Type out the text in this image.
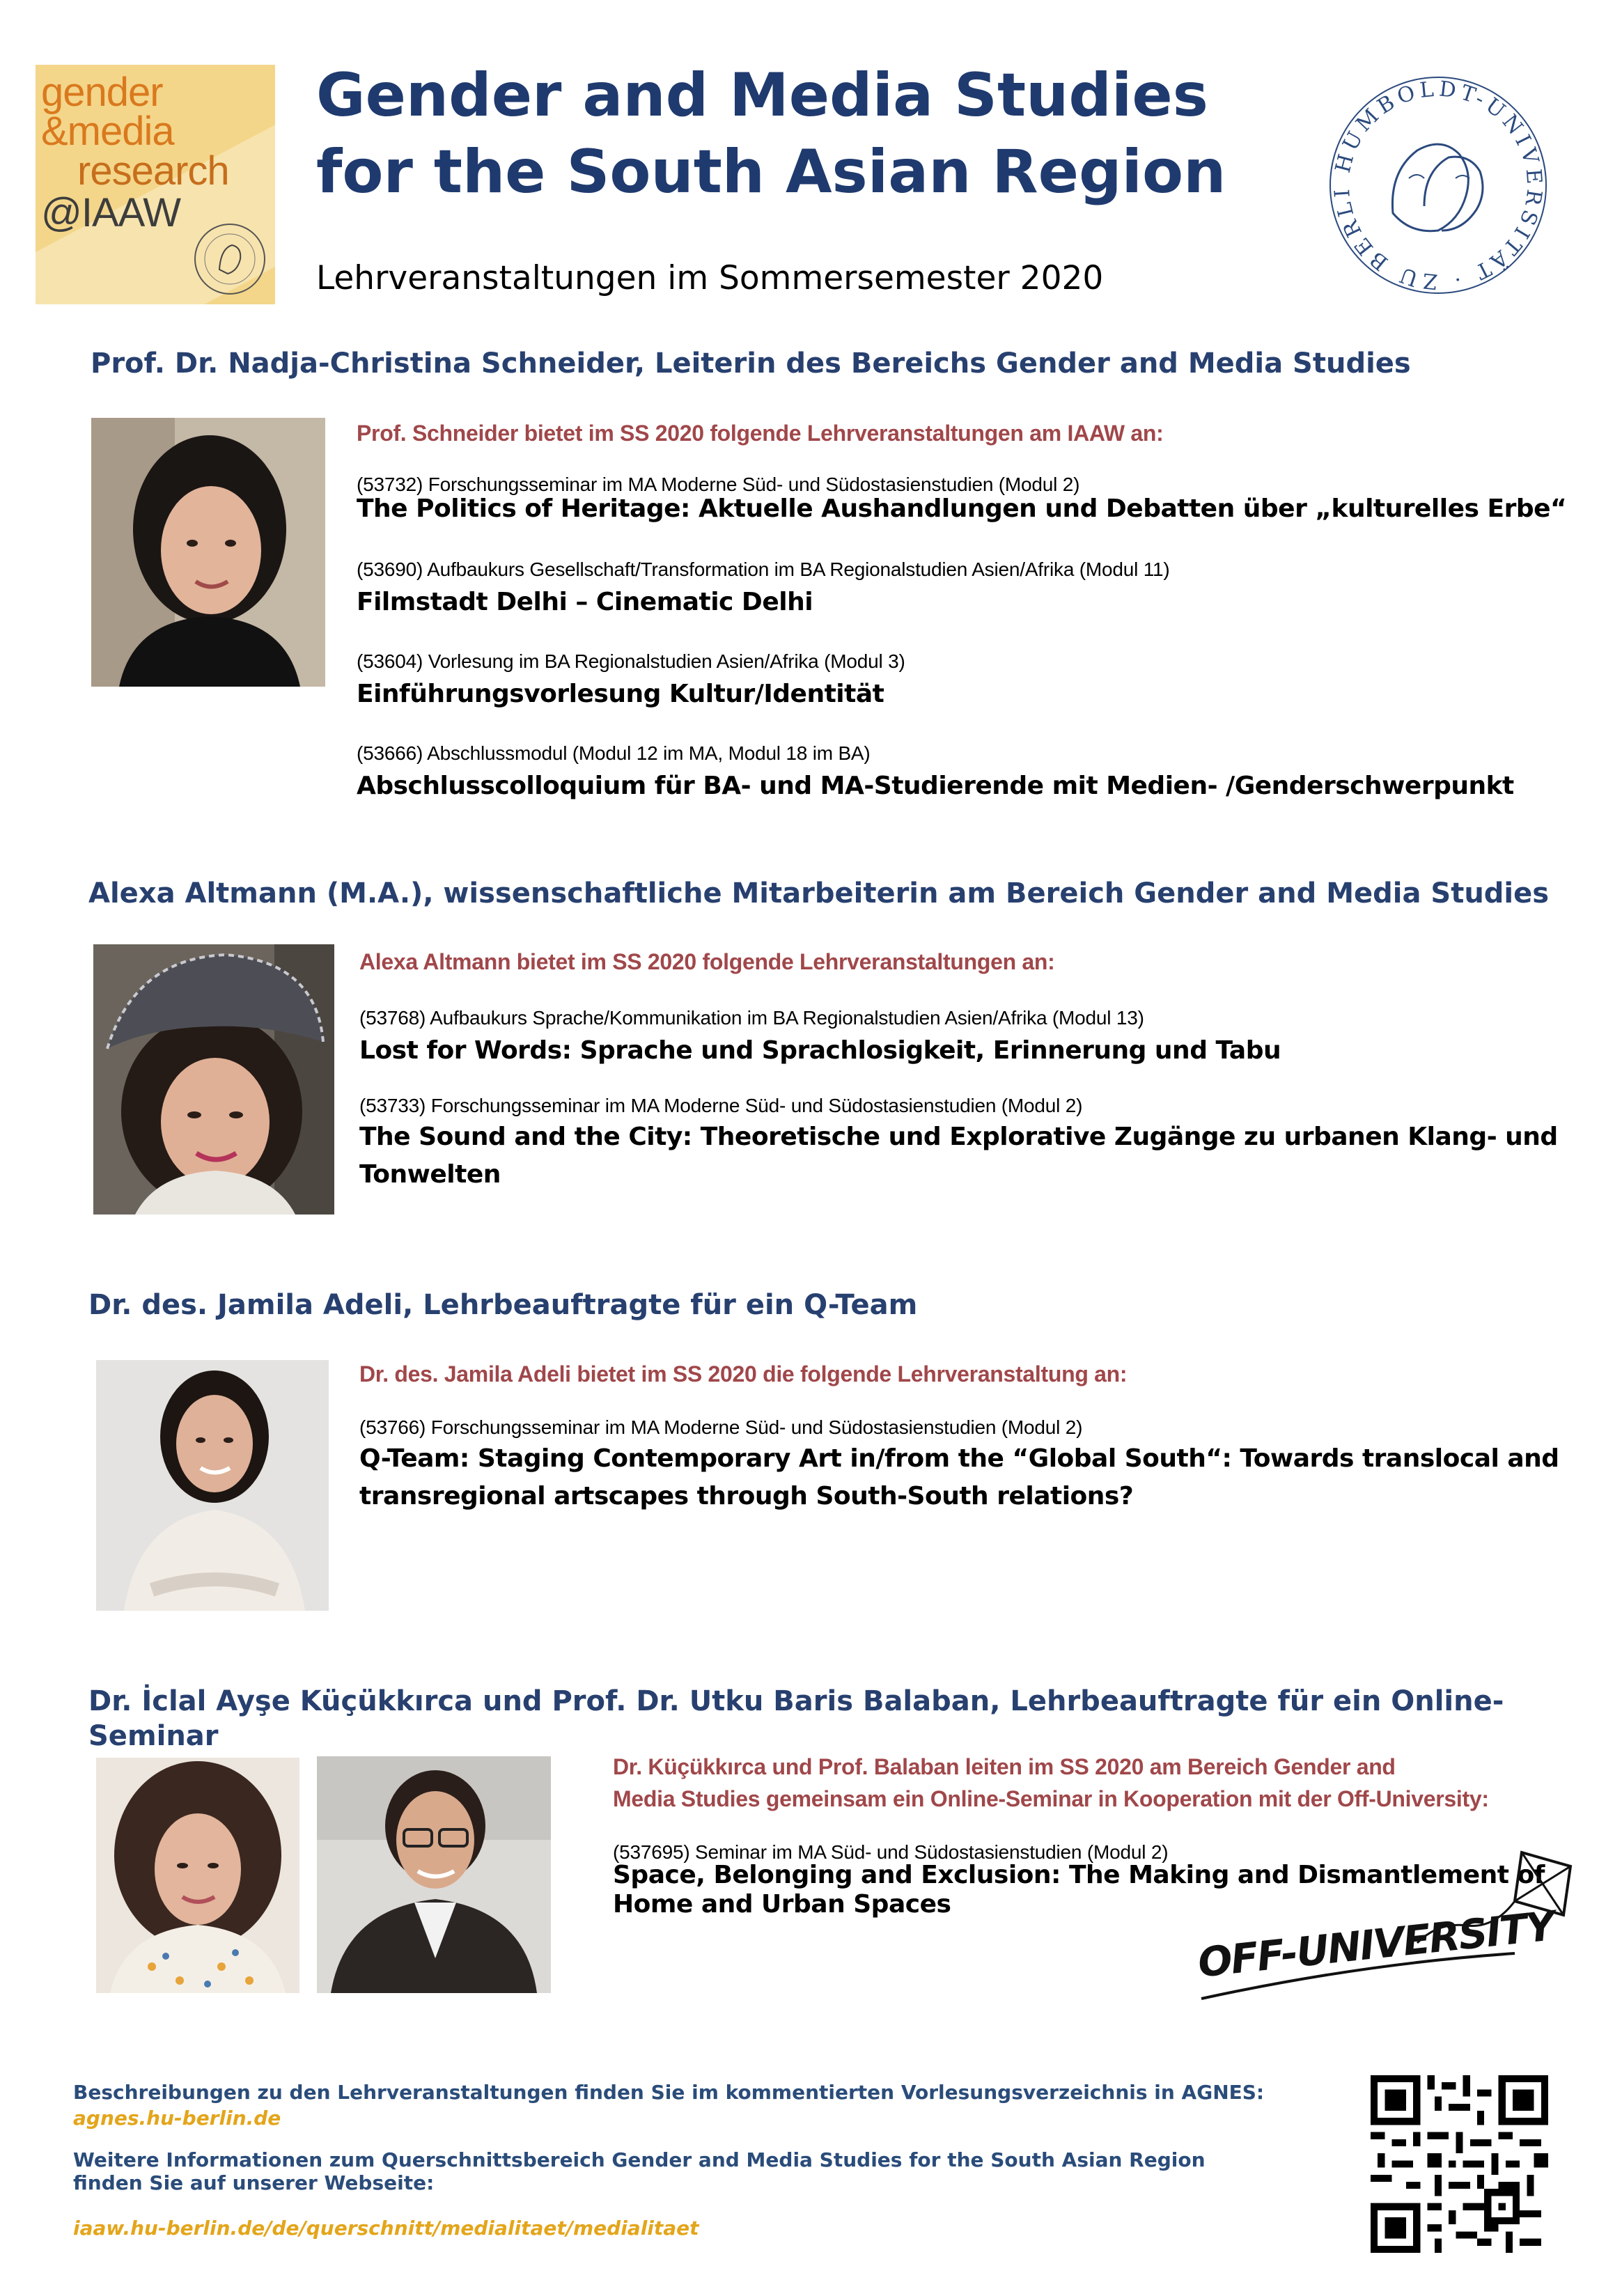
gender
&media
research
@IAAW
Gender and Media Studies
for the South Asian Region
Lehrveranstaltungen im Sommersemester 2020
HUMBOLDT-UNIVERSITÄT · ZU BERLI
Prof. Dr. Nadja-Christina Schneider, Leiterin des Bereichs Gender and Media Studies
Prof. Schneider bietet im SS 2020 folgende Lehrveranstaltungen am IAAW an:
(53732) Forschungsseminar im MA Moderne Süd- und Südostasienstudien (Modul 2)
The Politics of Heritage: Aktuelle Aushandlungen und Debatten über „kulturelles Erbe“
(53690) Aufbaukurs Gesellschaft/Transformation im BA Regionalstudien Asien/Afrika (Modul 11)
Filmstadt Delhi – Cinematic Delhi
(53604) Vorlesung im BA Regionalstudien Asien/Afrika (Modul 3)
Einführungsvorlesung Kultur/Identität
(53666) Abschlussmodul (Modul 12 im MA, Modul 18 im BA)
Abschlusscolloquium für BA- und MA-Studierende mit Medien- /Genderschwerpunkt
Alexa Altmann (M.A.), wissenschaftliche Mitarbeiterin am Bereich Gender and Media Studies
Alexa Altmann bietet im SS 2020 folgende Lehrveranstaltungen an:
(53768) Aufbaukurs Sprache/Kommunikation im BA Regionalstudien Asien/Afrika (Modul 13)
Lost for Words: Sprache und Sprachlosigkeit, Erinnerung und Tabu
(53733) Forschungsseminar im MA Moderne Süd- und Südostasienstudien (Modul 2)
The Sound and the City: Theoretische und Explorative Zugänge zu urbanen Klang- und
Tonwelten
Dr. des. Jamila Adeli, Lehrbeauftragte für ein Q-Team
Dr. des. Jamila Adeli bietet im SS 2020 die folgende Lehrveranstaltung an:
(53766) Forschungsseminar im MA Moderne Süd- und Südostasienstudien (Modul 2)
Q-Team: Staging Contemporary Art in/from the “Global South“: Towards translocal and
transregional artscapes through South-South relations?
Dr. İclal Ayşe Küçükkırca und Prof. Dr. Utku Baris Balaban, Lehrbeauftragte für ein Online-
Seminar
Dr. Küçükkırca und Prof. Balaban leiten im SS 2020 am Bereich Gender and
Media Studies gemeinsam ein Online-Seminar in Kooperation mit der Off-University:
(537695) Seminar im MA Süd- und Südostasienstudien (Modul 2)
Space, Belonging and Exclusion: The Making and Dismantlement of
Home and Urban Spaces	OFF-UNIVERSITY
Beschreibungen zu den Lehrveranstaltungen finden Sie im kommentierten Vorlesungsverzeichnis in AGNES:
agnes.hu-berlin.de
Weitere Informationen zum Querschnittsbereich Gender and Media Studies for the South Asian Region
finden Sie auf unserer Webseite:
iaaw.hu-berlin.de/de/querschnitt/medialitaet/medialitaet
